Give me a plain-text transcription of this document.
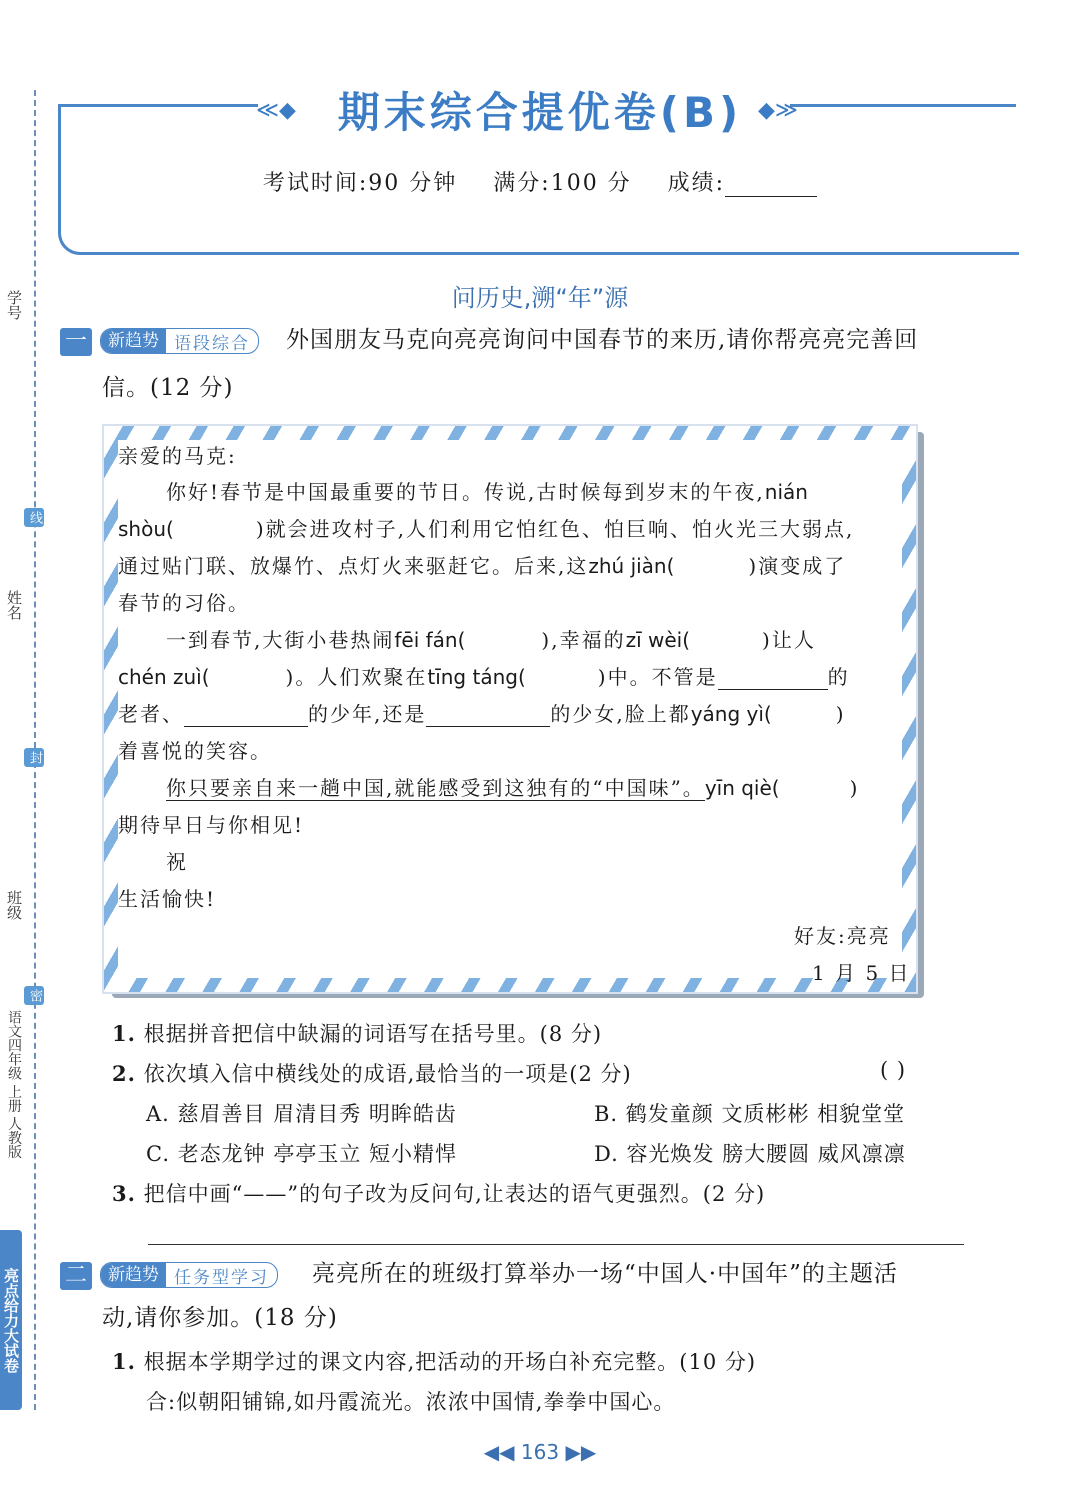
学号
姓名
班级
线
封
密
语文四年级 上册 人教版
亮点给力大试卷
≪◆	◆≫
期末综合提优卷(B)
考试时间:90 分钟 满分:100 分 成绩:
问历史,溯“年”源
一	新趋势 语段综合	外国朋友马克向亮亮询问中国春节的来历,请你帮亮亮完善回
信。(12 分)
亲爱的马克:
你好!春节是中国最重要的节日。传说,古时候每到岁末的午夜,nián
shòu(	)就会进攻村子,人们利用它怕红色、怕巨响、怕火光三大弱点,
通过贴门联、放爆竹、点灯火来驱赶它。后来,这zhú jiàn(	)演变成了
春节的习俗。
一到春节,大街小巷热闹fēi fán(	),幸福的zī wèi(	)让人
chén zuì(	)。人们欢聚在tīng táng(	)中。不管是	的
老者、	的少年,还是	的少女,脸上都yáng yì(	)
着喜悦的笑容。
你只要亲自来一趟中国,就能感受到这独有的“中国味”。yīn qiè(	)
期待早日与你相见!
祝
生活愉快!
好友:亮亮
1 月 5 日
1. 根据拼音把信中缺漏的词语写在括号里。(8 分)
2. 依次填入信中横线处的成语,最恰当的一项是(2 分)	( )
A. 慈眉善目 眉清目秀 明眸皓齿	B. 鹤发童颜 文质彬彬 相貌堂堂
C. 老态龙钟 亭亭玉立 短小精悍	D. 容光焕发 膀大腰圆 威风凛凛
3. 把信中画“——”的句子改为反问句,让表达的语气更强烈。(2 分)
二	新趋势 任务型学习	亮亮所在的班级打算举办一场“中国人·中国年”的主题活
动,请你参加。(18 分)
1. 根据本学期学过的课文内容,把活动的开场白补充完整。(10 分)
合:似朝阳铺锦,如丹霞流光。浓浓中国情,拳拳中国心。
◀◀ 163 ▶▶
